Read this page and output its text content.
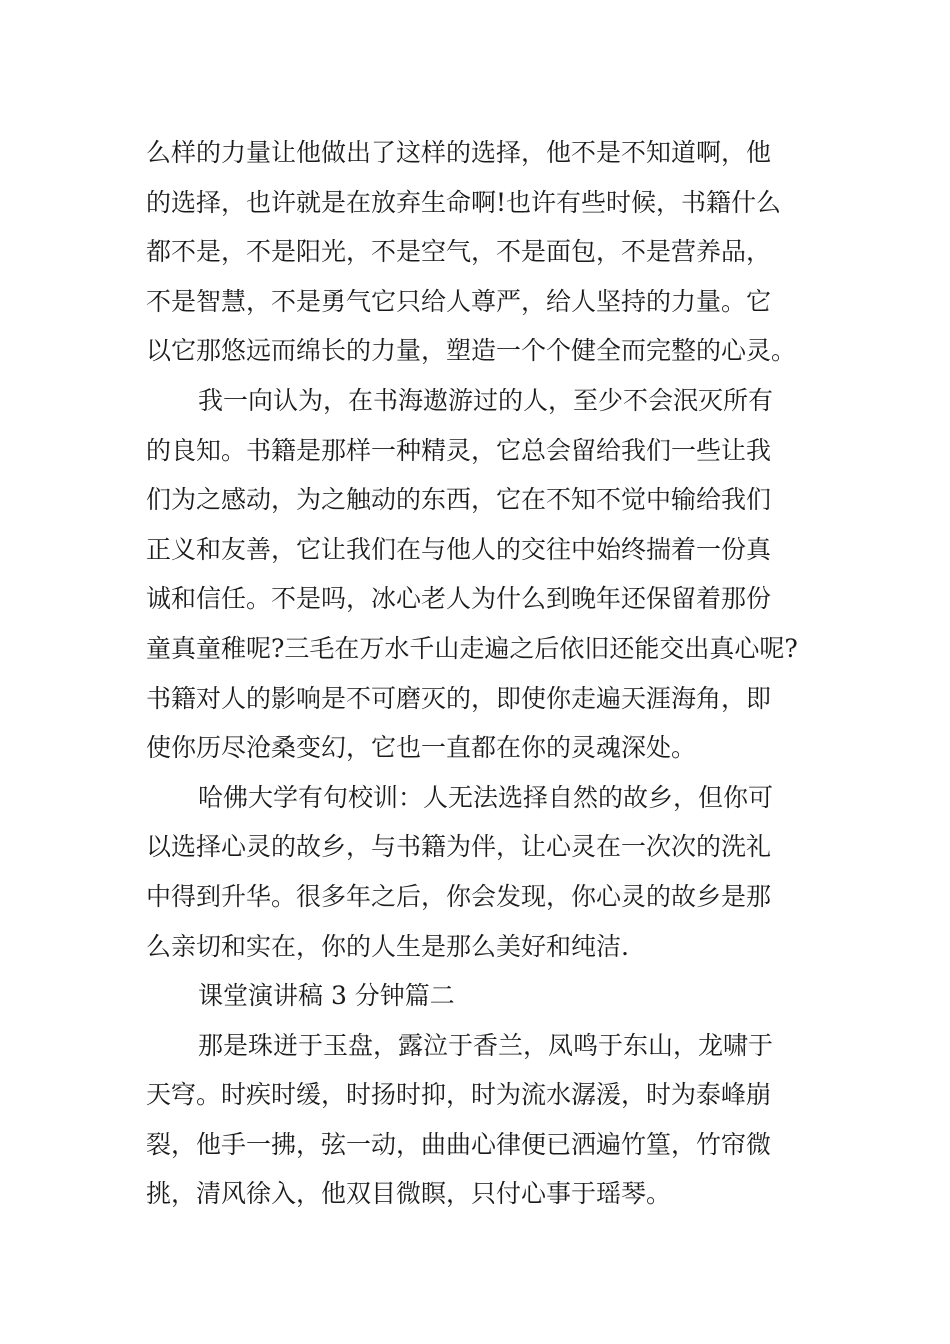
么样的力量让他做出了这样的选择，他不是不知道啊，他
的选择，也许就是在放弃生命啊!也许有些时候，书籍什么
都不是，不是阳光，不是空气，不是面包，不是营养品，
不是智慧，不是勇气它只给人尊严，给人坚持的力量。它
以它那悠远而绵长的力量，塑造一个个健全而完整的心灵。
我一向认为，在书海遨游过的人，至少不会泯灭所有
的良知。书籍是那样一种精灵，它总会留给我们一些让我
们为之感动，为之触动的东西，它在不知不觉中输给我们
正义和友善，它让我们在与他人的交往中始终揣着一份真
诚和信任。不是吗，冰心老人为什么到晚年还保留着那份
童真童稚呢?三毛在万水千山走遍之后依旧还能交出真心呢?
书籍对人的影响是不可磨灭的，即使你走遍天涯海角，即
使你历尽沧桑变幻，它也一直都在你的灵魂深处。
哈佛大学有句校训：人无法选择自然的故乡，但你可
以选择心灵的故乡，与书籍为伴，让心灵在一次次的洗礼
中得到升华。很多年之后，你会发现，你心灵的故乡是那
么亲切和实在，你的人生是那么美好和纯洁.
课堂演讲稿 3 分钟篇二
那是珠迸于玉盘，露泣于香兰，凤鸣于东山，龙啸于
天穹。时疾时缓，时扬时抑，时为流水潺湲，时为泰峰崩
裂，他手一拂，弦一动，曲曲心律便已洒遍竹篁，竹帘微
挑，清风徐入，他双目微瞑，只付心事于瑶琴。
